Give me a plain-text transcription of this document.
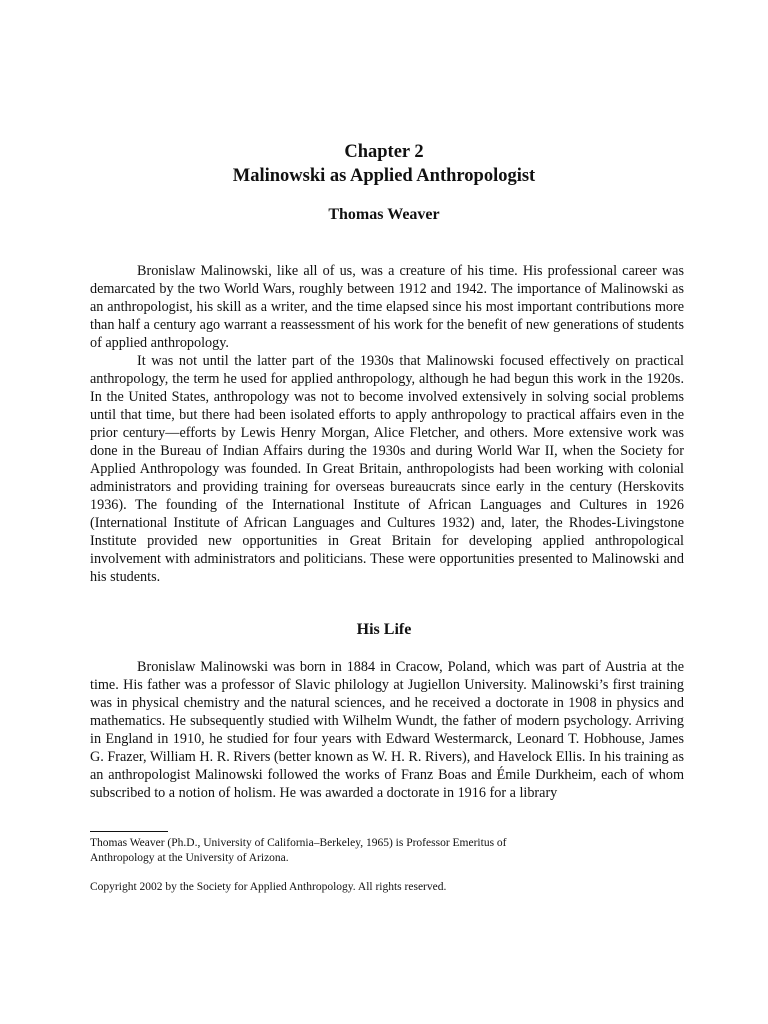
Chapter 2
Malinowski as Applied Anthropologist
Thomas Weaver

Bronislaw Malinowski, like all of us, was a creature of his time. His professional career was demarcated by the two World Wars, roughly between 1912 and 1942. The importance of Malinowski as an anthropologist, his skill as a writer, and the time elapsed since his most important contributions more than half a century ago warrant a reassessment of his work for the benefit of new generations of students of applied anthropology.

It was not until the latter part of the 1930s that Malinowski focused effectively on practical anthropology, the term he used for applied anthropology, although he had begun this work in the 1920s. In the United States, anthropology was not to become involved extensively in solving social problems until that time, but there had been isolated efforts to apply anthropology to practical affairs even in the prior century—efforts by Lewis Henry Morgan, Alice Fletcher, and others. More extensive work was done in the Bureau of Indian Affairs during the 1930s and during World War II, when the Society for Applied Anthropology was founded. In Great Britain, anthropologists had been working with colonial administrators and providing training for overseas bureaucrats since early in the century (Herskovits 1936). The founding of the International Institute of African Languages and Cultures in 1926 (International Institute of African Languages and Cultures 1932) and, later, the Rhodes-Livingstone Institute provided new opportunities in Great Britain for developing applied anthropological involvement with administrators and politicians. These were opportunities presented to Malinowski and his students.

His Life

Bronislaw Malinowski was born in 1884 in Cracow, Poland, which was part of Austria at the time. His father was a professor of Slavic philology at Jugiellon University. Malinowski’s first training was in physical chemistry and the natural sciences, and he received a doctorate in 1908 in physics and mathematics. He subsequently studied with Wilhelm Wundt, the father of modern psychology. Arriving in England in 1910, he studied for four years with Edward Westermarck, Leonard T. Hobhouse, James G. Frazer, William H. R. Rivers (better known as W. H. R. Rivers), and Havelock Ellis. In his training as an anthropologist Malinowski followed the works of Franz Boas and Émile Durkheim, each of whom subscribed to a notion of holism. He was awarded a doctorate in 1916 for a library

Thomas Weaver (Ph.D., University of California–Berkeley, 1965) is Professor Emeritus of Anthropology at the University of Arizona.

Copyright 2002 by the Society for Applied Anthropology. All rights reserved.
